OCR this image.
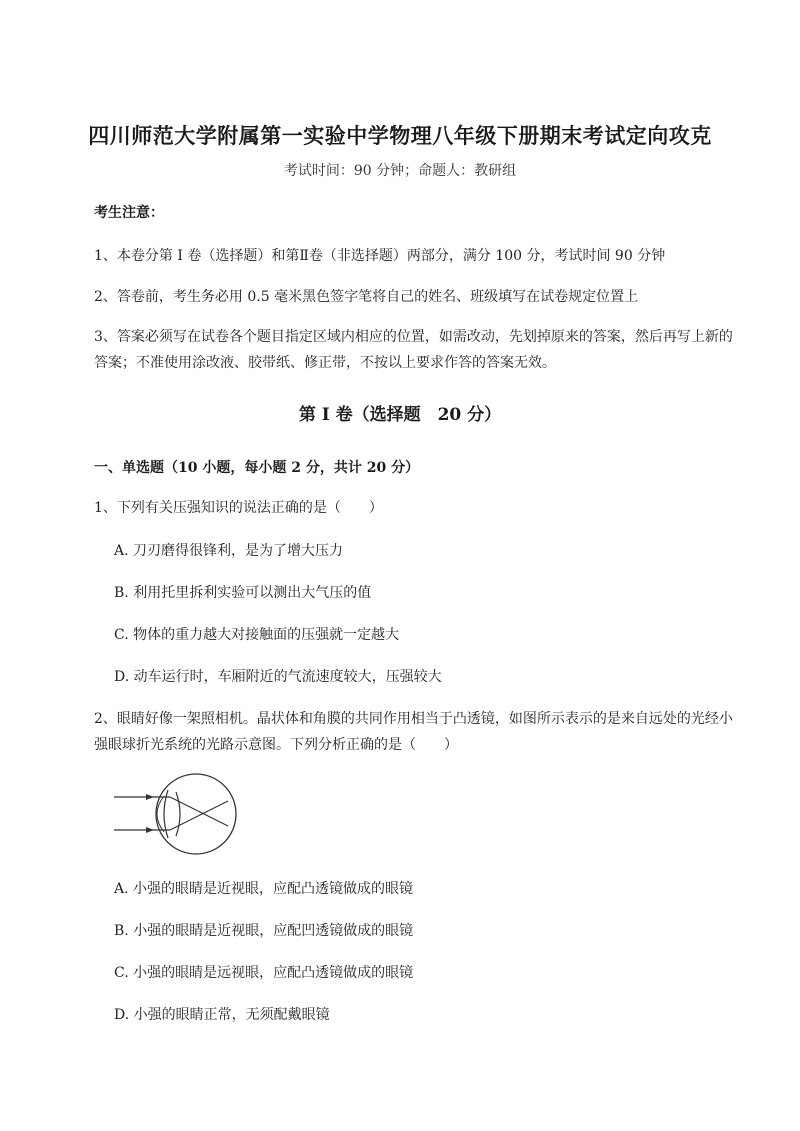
四川师范大学附属第一实验中学物理八年级下册期末考试定向攻克
考试时间：90 分钟；命题人：教研组
考生注意：
1、本卷分第 I 卷（选择题）和第Ⅱ卷（非选择题）两部分，满分 100 分，考试时间 90 分钟
2、答卷前，考生务必用 0.5 毫米黑色签字笔将自己的姓名、班级填写在试卷规定位置上
3、答案必须写在试卷各个题目指定区域内相应的位置，如需改动，先划掉原来的答案，然后再写上新的答案；不准使用涂改液、胶带纸、修正带，不按以上要求作答的答案无效。
第 I 卷（选择题　20 分）
一、单选题（10 小题，每小题 2 分，共计 20 分）
1、下列有关压强知识的说法正确的是（　　）
A. 刀刃磨得很锋利，是为了增大压力
B. 利用托里拆利实验可以测出大气压的值
C. 物体的重力越大对接触面的压强就一定越大
D. 动车运行时，车厢附近的气流速度较大，压强较大
2、眼睛好像一架照相机。晶状体和角膜的共同作用相当于凸透镜，如图所示表示的是来自远处的光经小强眼球折光系统的光路示意图。下列分析正确的是（　　）
A. 小强的眼睛是近视眼，应配凸透镜做成的眼镜
B. 小强的眼睛是近视眼，应配凹透镜做成的眼镜
C. 小强的眼睛是远视眼，应配凸透镜做成的眼镜
D. 小强的眼睛正常，无须配戴眼镜
